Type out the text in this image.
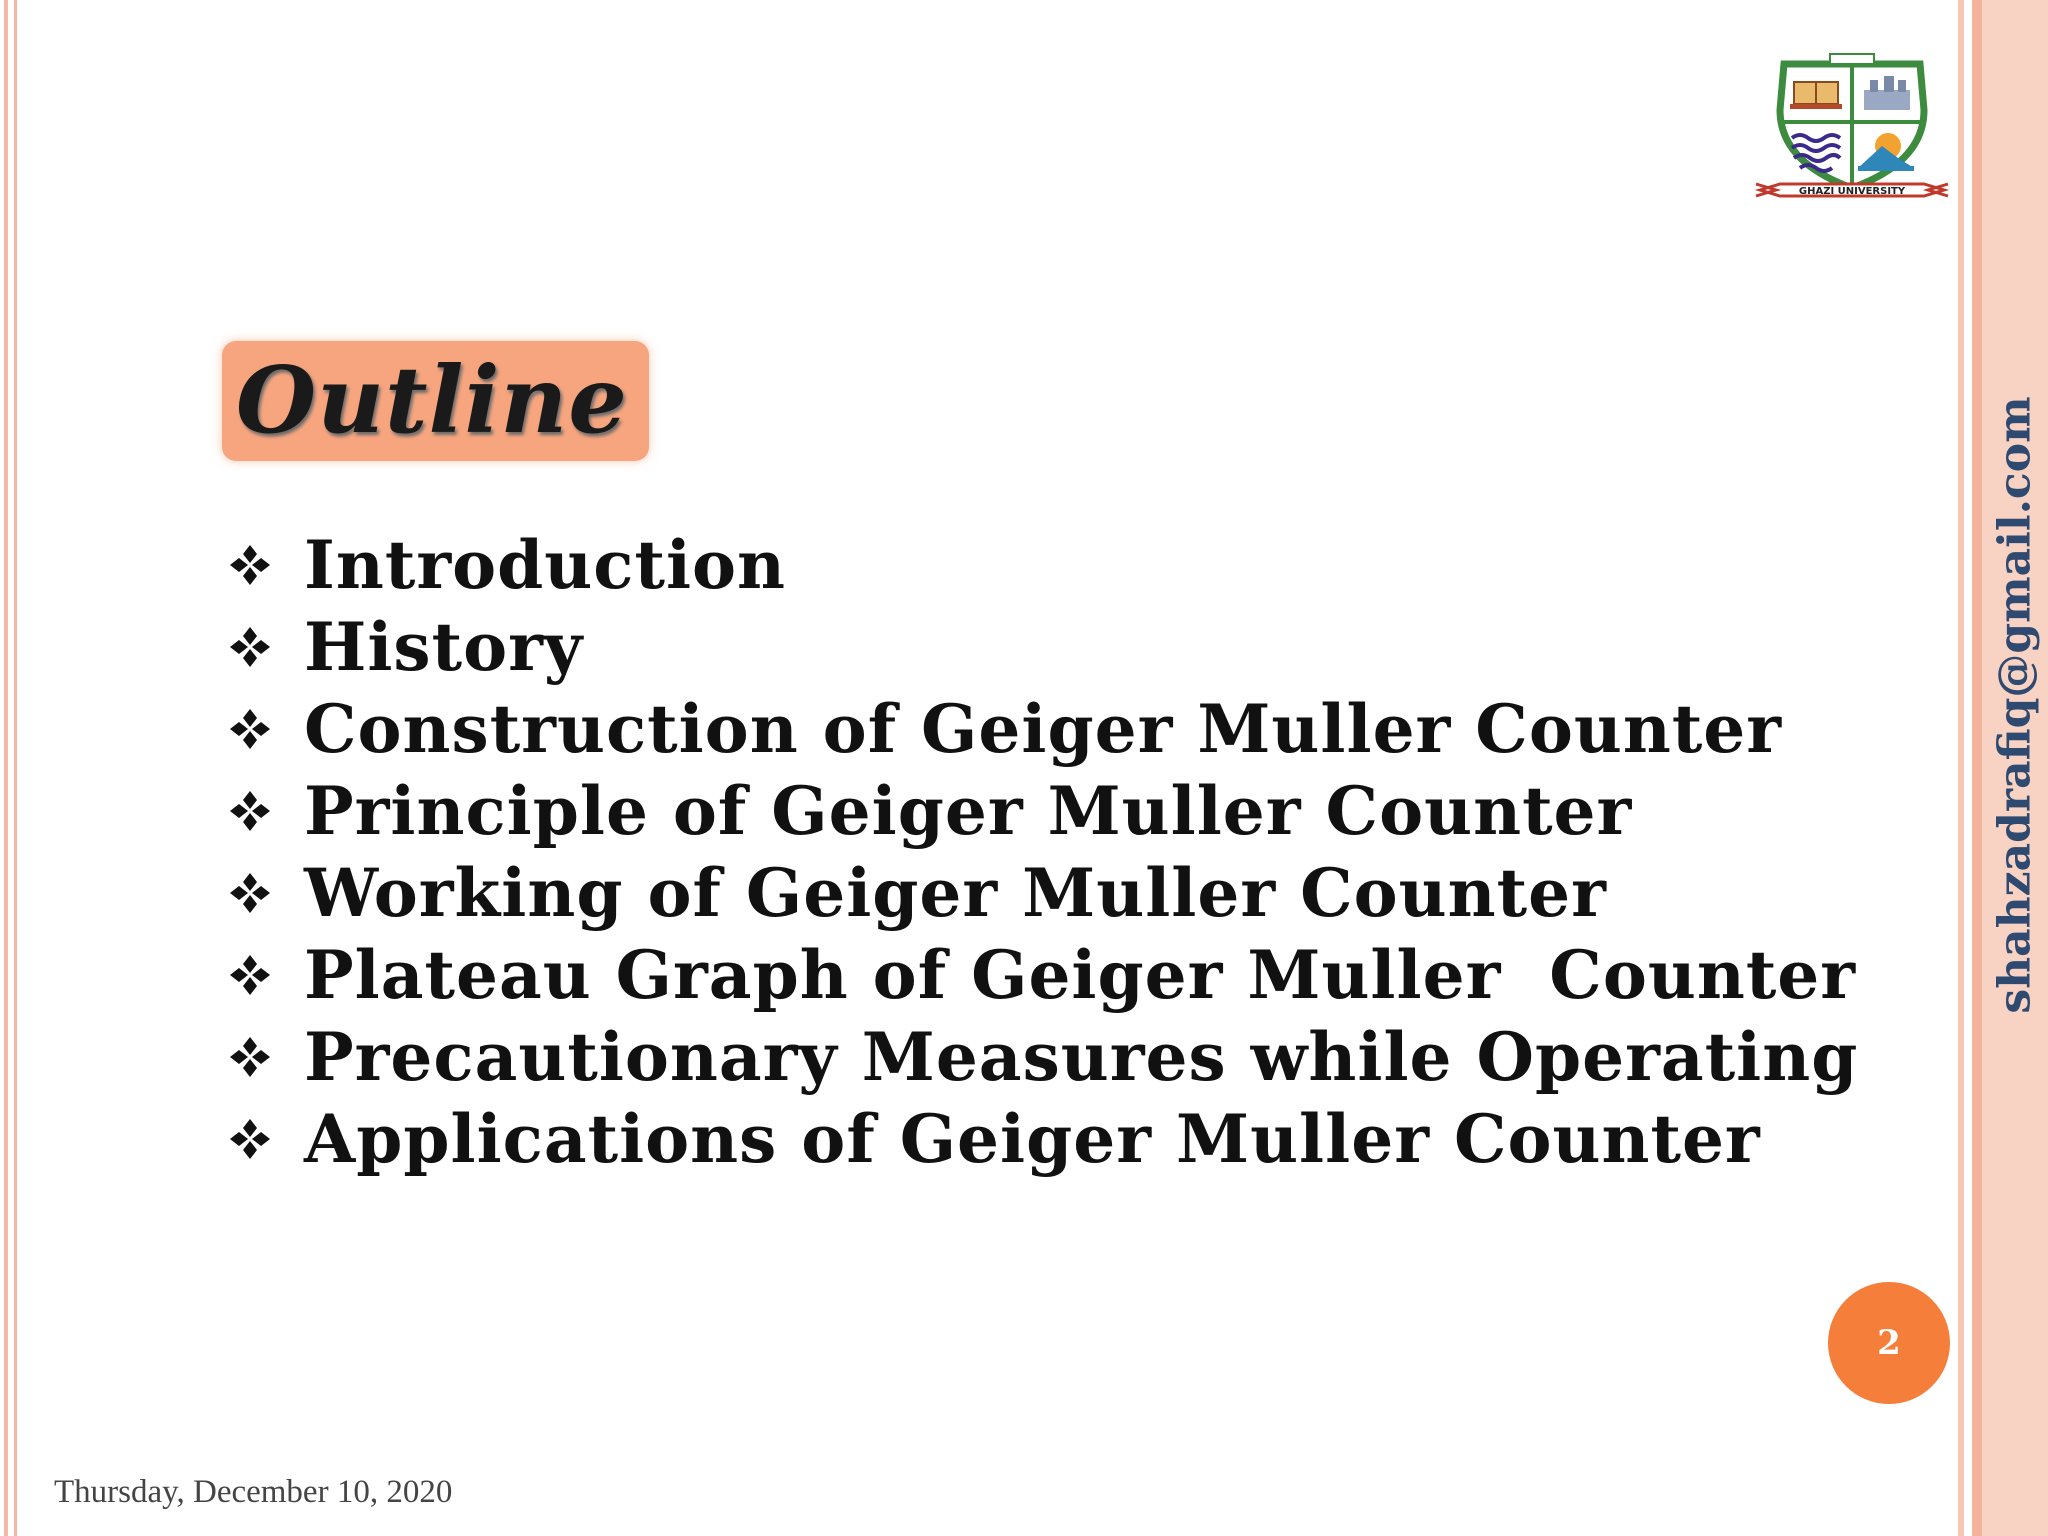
GHAZI UNIVERSITY
Outline
Introduction
History
Construction of Geiger Muller Counter
Principle of Geiger Muller Counter
Working of Geiger Muller Counter
Plateau Graph of Geiger Muller  Counter
Precautionary Measures while Operating
Applications of Geiger Muller Counter
2
Thursday, December 10, 2020
shahzadrafiq@gmail.com
